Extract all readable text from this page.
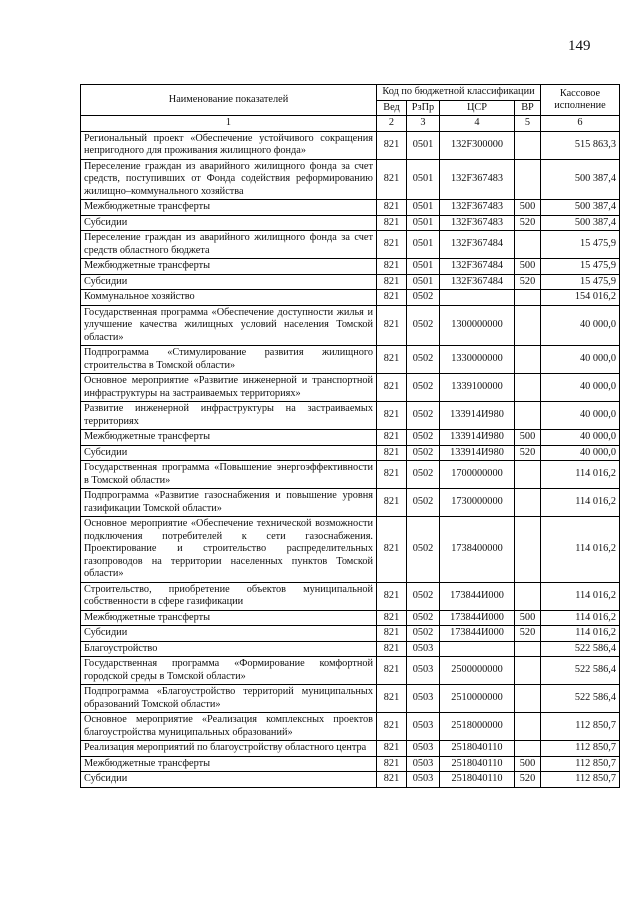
149
Наименование показателей	Код по бюджетной классификации				Кассовое исполнение
	Вед	РзПр	ЦСР	ВР	
1	2	3	4	5	6
Региональный проект «Обеспечение устойчивого сокращения непригодного для проживания жилищного фонда»	821	0501	132F300000		515 863,3
Переселение граждан из аварийного жилищного фонда за счет средств, поступивших от Фонда содействия реформированию жилищно–коммунального хозяйства	821	0501	132F367483		500 387,4
Межбюджетные трансферты	821	0501	132F367483	500	500 387,4
Субсидии	821	0501	132F367483	520	500 387,4
Переселение граждан из аварийного жилищного фонда за счет средств областного бюджета	821	0501	132F367484		15 475,9
Межбюджетные трансферты	821	0501	132F367484	500	15 475,9
Субсидии	821	0501	132F367484	520	15 475,9
Коммунальное хозяйство	821	0502			154 016,2
Государственная программа «Обеспечение доступности жилья и улучшение качества жилищных условий населения Томской области»	821	0502	1300000000		40 000,0
Подпрограмма «Стимулирование развития жилищного строительства в Томской области»	821	0502	1330000000		40 000,0
Основное мероприятие «Развитие инженерной и транспортной инфраструктуры на застраиваемых территориях»	821	0502	1339100000		40 000,0
Развитие инженерной инфраструктуры на застраиваемых территориях	821	0502	133914И980		40 000,0
Межбюджетные трансферты	821	0502	133914И980	500	40 000,0
Субсидии	821	0502	133914И980	520	40 000,0
Государственная программа «Повышение энергоэффективности в Томской области»	821	0502	1700000000		114 016,2
Подпрограмма «Развитие газоснабжения и повышение уровня газификации Томской области»	821	0502	1730000000		114 016,2
Основное мероприятие «Обеспечение технической возможности подключения потребителей к сети газоснабжения. Проектирование и строительство распределительных газопроводов на территории населенных пунктов Томской области»	821	0502	1738400000		114 016,2
Строительство, приобретение объектов муниципальной собственности в сфере газификации	821	0502	173844И000		114 016,2
Межбюджетные трансферты	821	0502	173844И000	500	114 016,2
Субсидии	821	0502	173844И000	520	114 016,2
Благоустройство	821	0503			522 586,4
Государственная программа «Формирование комфортной городской среды в Томской области»	821	0503	2500000000		522 586,4
Подпрограмма «Благоустройство территорий муниципальных образований Томской области»	821	0503	2510000000		522 586,4
Основное мероприятие «Реализация комплексных проектов благоустройства муниципальных образований»	821	0503	2518000000		112 850,7
Реализация мероприятий по благоустройству областного центра	821	0503	2518040110		112 850,7
Межбюджетные трансферты	821	0503	2518040110	500	112 850,7
Субсидии	821	0503	2518040110	520	112 850,7
